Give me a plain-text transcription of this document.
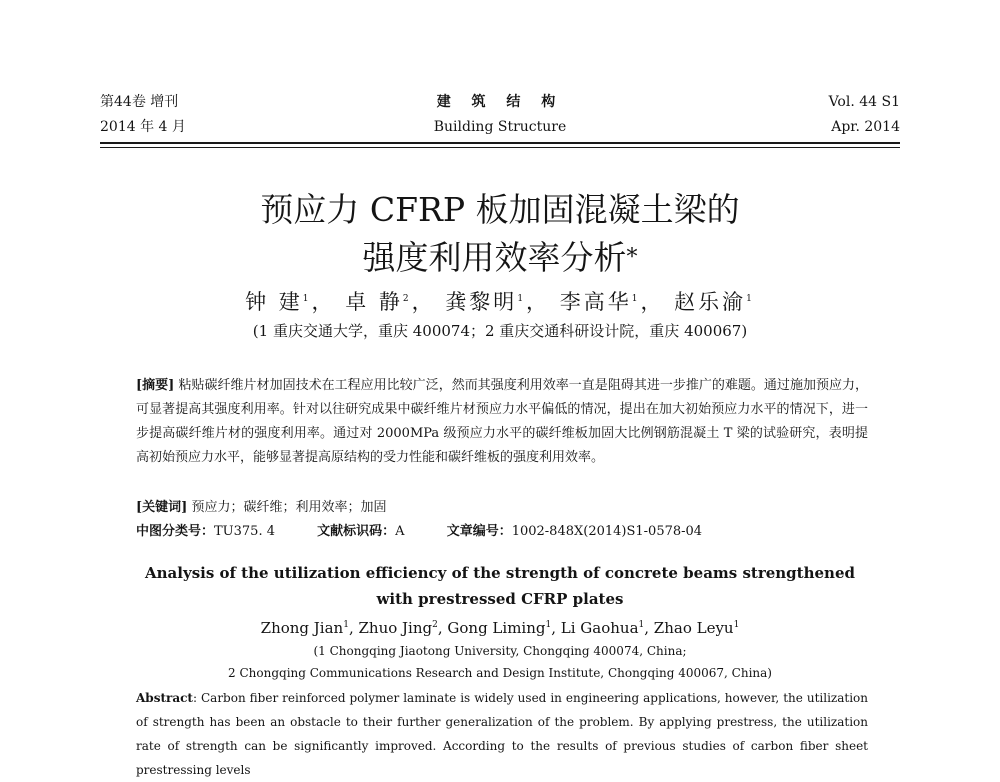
第44卷 增刊
2014 年 4 月
建 筑 结 构
Building Structure
Vol. 44 S1
Apr. 2014
预应力 CFRP 板加固混凝土梁的
强度利用效率分析*
钟 建$^1$， 卓 静$^2$， 龚黎明$^1$， 李高华$^1$， 赵乐渝$^1$
(1 重庆交通大学，重庆 400074；2 重庆交通科研设计院，重庆 400067)
[摘要] 粘贴碳纤维片材加固技术在工程应用比较广泛，然而其强度利用效率一直是阻碍其进一步推广的难题。通过施加预应力，可显著提高其强度利用率。针对以往研究成果中碳纤维片材预应力水平偏低的情况，提出在加大初始预应力水平的情况下，进一步提高碳纤维片材的强度利用率。通过对 2000MPa 级预应力水平的碳纤维板加固大比例钢筋混凝土 T 梁的试验研究，表明提高初始预应力水平，能够显著提高原结构的受力性能和碳纤维板的强度利用效率。
[关键词] 预应力；碳纤维；利用效率；加固
中图分类号：TU375. 4	文献标识码：A	文章编号：1002-848X(2014)S1-0578-04
Analysis of the utilization efficiency of the strength of concrete beams strengthened
with prestressed CFRP plates
Zhong Jian$^1$, Zhuo Jing$^2$, Gong Liming$^1$, Li Gaohua$^1$, Zhao Leyu$^1$
(1 Chongqing Jiaotong University, Chongqing 400074, China;
2 Chongqing Communications Research and Design Institute, Chongqing 400067, China)
Abstract: Carbon fiber reinforced polymer laminate is widely used in engineering applications, however, the utilization of strength has been an obstacle to their further generalization of the problem. By applying prestress, the utilization rate of strength can be significantly improved. According to the results of previous studies of carbon fiber sheet prestressing levels
